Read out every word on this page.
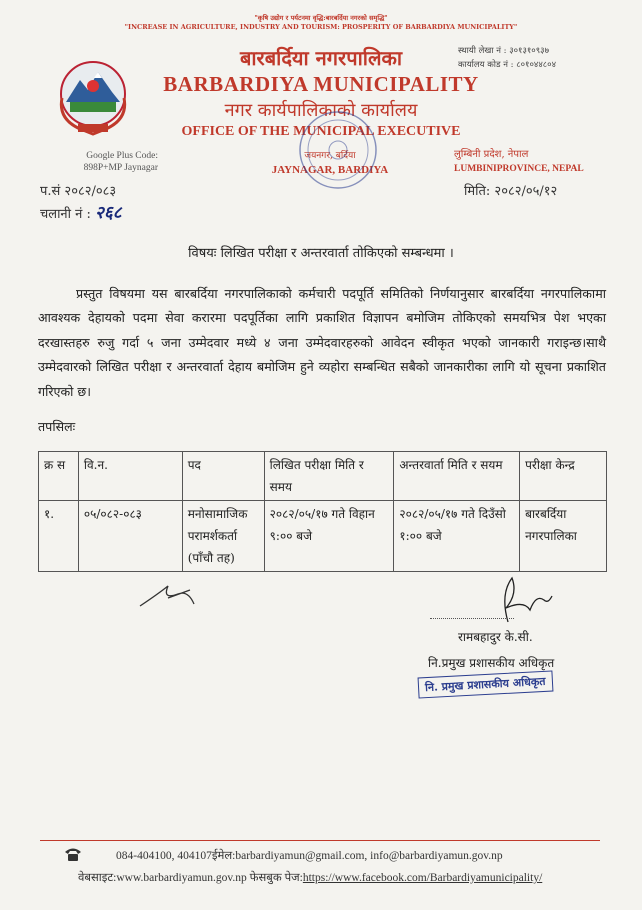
"कृषि उद्योग र पर्यटनमा वृद्धि:बारबर्दिया नगरको समृद्धि"
"INCREASE IN AGRICULTURE, INDUSTRY AND TOURISM: PROSPERITY OF BARBARDIYA MUNICIPALITY"
बारबर्दिया नगरपालिका
BARBARDIYA MUNICIPALITY
नगर कार्यपालिकाको कार्यालय
OFFICE OF THE MUNICIPAL EXECUTIVE
जयनगर, बर्दिया
JAYNAGAR, BARDIYA
Google Plus Code:
898P+MP Jaynagar
स्थायी लेखा नं : ३०१३१०९३७
कार्यालय कोड नं : ८०१०४४८०४
लुम्बिनी प्रदेश, नेपाल
LUMBINIPROVINCE, NEPAL
प.सं २०८२/०८३
चलानी नं : २६८
मिति: २०८२/०५/१२
विषयः लिखित परीक्षा र अन्तरवार्ता तोकिएको सम्बन्धमा ।
प्रस्तुत विषयमा यस बारबर्दिया नगरपालिकाको कर्मचारी पदपूर्ति समितिको निर्णयानुसार बारबर्दिया नगरपालिकामा आवश्यक देहायको पदमा सेवा करारमा पदपूर्तिका लागि प्रकाशित विज्ञापन बमोजिम तोकिएको समयभित्र पेश भएका दरखास्तहरु रुजु गर्दा ५ जना उम्मेदवार मध्ये ४ जना उम्मेदवारहरुको आवेदन स्वीकृत भएको जानकारी गराइन्छ।साथै उम्मेदवारको लिखित परीक्षा र अन्तरवार्ता देहाय बमोजिम हुने व्यहोरा सम्बन्धित सबैको जानकारीका लागि यो सूचना प्रकाशित गरिएको छ।
तपसिलः
क्र स	वि.न.	पद	लिखित परीक्षा मिति र समय	अन्तरवार्ता मिति र सयम	परीक्षा केन्द्र
१.	०५/०८२-०८३	मनोसामाजिक परामर्शकर्ता (पाँचौ तह)	२०८२/०५/१७ गते विहान ९:०० बजे	२०८२/०५/१७ गते दिउँसो १:०० बजे	बारबर्दिया नगरपालिका
रामबहादुर के.सी.
नि.प्रमुख प्रशासकीय अधिकृत
नि. प्रमुख प्रशासकीय अधिकृत
084-404100, 404107ईमेल:barbardiyamun@gmail.com, info@barbardiyamun.gov.np
वेबसाइट:www.barbardiyamun.gov.np फेसबुक पेज:https://www.facebook.com/Barbardiyamunicipality/
